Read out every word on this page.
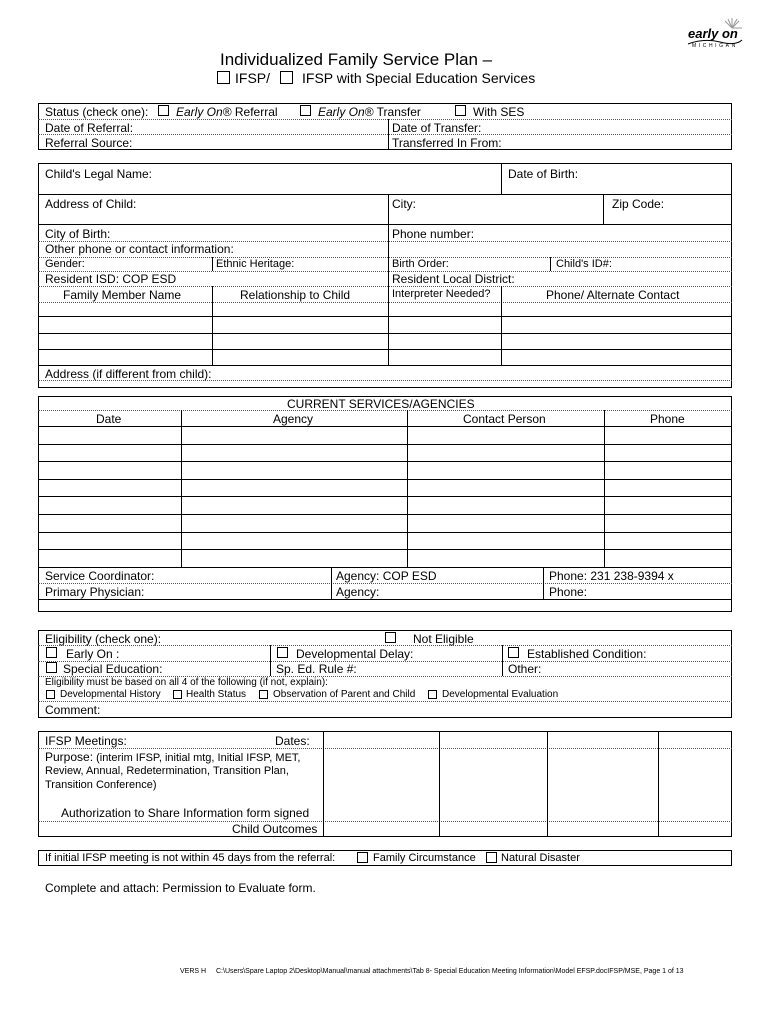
early on
MICHIGAN
Individualized Family Service Plan –
IFSP/ IFSP with Special Education Services
Status (check one): Early On® Referral	Early On® Transfer	With SES
Date of Referral:	Date of Transfer:
Referral Source:	Transferred In From:
Child's Legal Name:	Date of Birth:
Address of Child:	City:	Zip Code:
City of Birth:	Phone number:
Other phone or contact information:
Gender:	Ethnic Heritage:	Birth Order:	Child's ID#:
Resident ISD: COP ESD	Resident Local District:
Family Member Name	Relationship to Child	Interpreter Needed?	Phone/ Alternate Contact
Address (if different from child):
CURRENT SERVICES/AGENCIES
Date	Agency	Contact Person	Phone
Service Coordinator:	Agency: COP ESD	Phone: 231 238-9394 x
Primary Physician:	Agency:	Phone:
Eligibility (check one):	Not Eligible
Early On :	Developmental Delay:	Established Condition:
Special Education:	Sp. Ed. Rule #:	Other:
Eligibility must be based on all 4 of the following (if not, explain):
Developmental History	Health Status	Observation of Parent and Child	Developmental Evaluation
Comment:
IFSP Meetings:	Dates:
Purpose: (interim IFSP, initial mtg, Initial IFSP, MET,
Review, Annual, Redetermination, Transition Plan,
Transition Conference)
Authorization to Share Information form signed
Child Outcomes
If initial IFSP meeting is not within 45 days from the referral:	Family Circumstance Natural Disaster
Complete and attach: Permission to Evaluate form.
VERS H C:\Users\Spare Laptop 2\Desktop\Manual\manual attachments\Tab 8- Special Education Meeting Information\Model EFSP.docIFSP/MSE, Page 1 of 13
